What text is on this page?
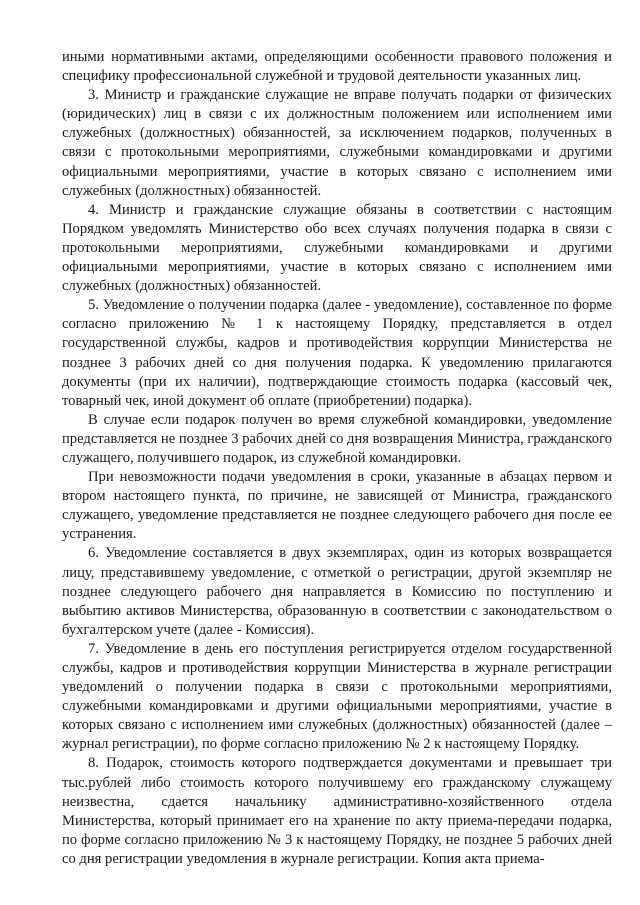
иными нормативными актами, определяющими особенности правового положения и специфику профессиональной служебной и трудовой деятельности указанных лиц.

3. Министр и гражданские служащие не вправе получать подарки от физических (юридических) лиц в связи с их должностным положением или исполнением ими служебных (должностных) обязанностей, за исключением подарков, полученных в связи с протокольными мероприятиями, служебными командировками и другими официальными мероприятиями, участие в которых связано с исполнением ими служебных (должностных) обязанностей.

4. Министр и гражданские служащие обязаны в соответствии с настоящим Порядком уведомлять Министерство обо всех случаях получения подарка в связи с протокольными мероприятиями, служебными командировками и другими официальными мероприятиями, участие в которых связано с исполнением ими служебных (должностных) обязанностей.

5. Уведомление о получении подарка (далее - уведомление), составленное по форме согласно приложению № 1 к настоящему Порядку, представляется в отдел государственной службы, кадров и противодействия коррупции Министерства не позднее 3 рабочих дней со дня получения подарка. К уведомлению прилагаются документы (при их наличии), подтверждающие стоимость подарка (кассовый чек, товарный чек, иной документ об оплате (приобретении) подарка).

В случае если подарок получен во время служебной командировки, уведомление представляется не позднее 3 рабочих дней со дня возвращения Министра, гражданского служащего, получившего подарок, из служебной командировки.

При невозможности подачи уведомления в сроки, указанные в абзацах первом и втором настоящего пункта, по причине, не зависящей от Министра, гражданского служащего, уведомление представляется не позднее следующего рабочего дня после ее устранения.

6. Уведомление составляется в двух экземплярах, один из которых возвращается лицу, представившему уведомление, с отметкой о регистрации, другой экземпляр не позднее следующего рабочего дня направляется в Комиссию по поступлению и выбытию активов Министерства, образованную в соответствии с законодательством о бухгалтерском учете (далее - Комиссия).

7. Уведомление в день его поступления регистрируется отделом государственной службы, кадров и противодействия коррупции Министерства в журнале регистрации уведомлений о получении подарка в связи с протокольными мероприятиями, служебными командировками и другими официальными мероприятиями, участие в которых связано с исполнением ими служебных (должностных) обязанностей (далее – журнал регистрации), по форме согласно приложению № 2 к настоящему Порядку.

8. Подарок, стоимость которого подтверждается документами и превышает три тыс.рублей либо стоимость которого получившему его гражданскому служащему неизвестна, сдается начальнику административно-хозяйственного отдела Министерства, который принимает его на хранение по акту приема-передачи подарка, по форме согласно приложению № 3 к настоящему Порядку, не позднее 5 рабочих дней со дня регистрации уведомления в журнале регистрации. Копия акта приема-
